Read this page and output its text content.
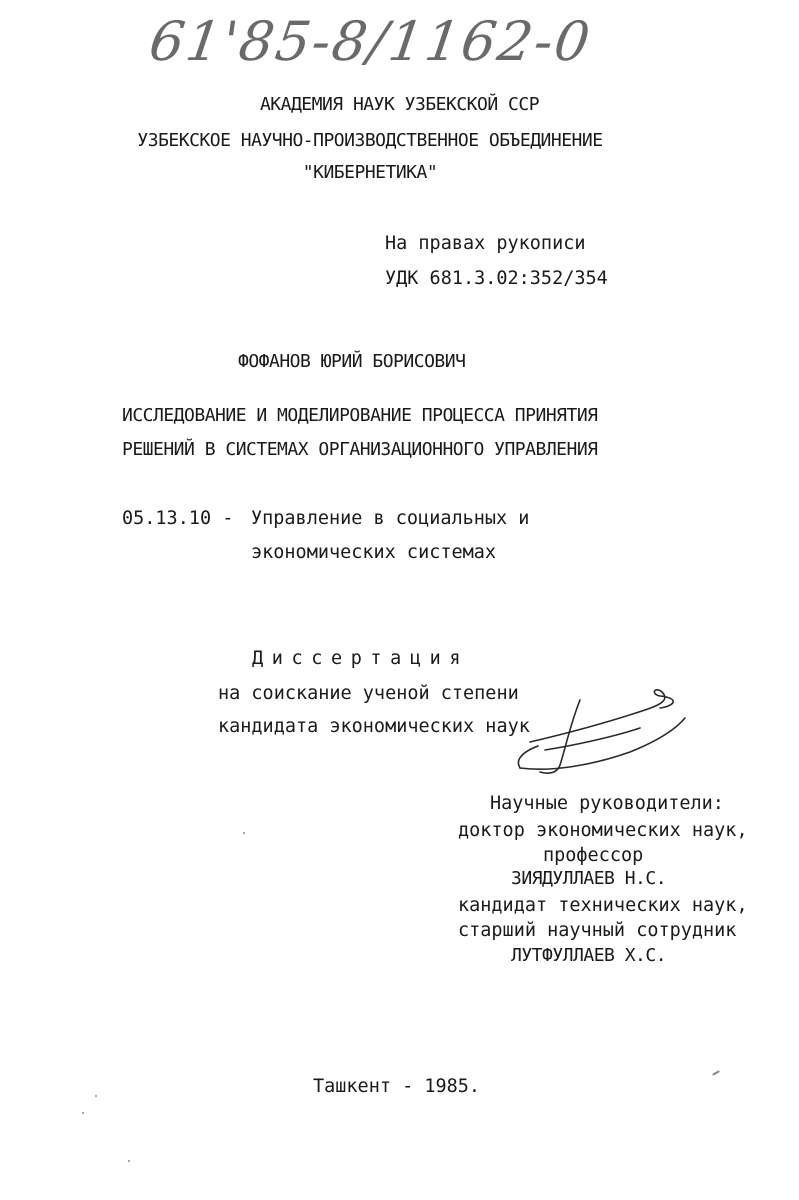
61'85-8/1162-0
АКАДЕМИЯ НАУК УЗБЕКСКОЙ ССР
УЗБЕКСКОЕ НАУЧНО-ПРОИЗВОДСТВЕННОЕ ОБЪЕДИНЕНИЕ
"КИБЕРНЕТИКА"
На правах рукописи
УДК 681.3.02:352/354
ФОФАНОВ ЮРИЙ БОРИСОВИЧ
ИССЛЕДОВАНИЕ И МОДЕЛИРОВАНИЕ ПРОЦЕССА ПРИНЯТИЯ
РЕШЕНИЙ В СИСТЕМАХ ОРГАНИЗАЦИОННОГО УПРАВЛЕНИЯ
05.13.10 - Управление в социальных и
экономических системах
Диссертация
на соискание ученой степени
кандидата экономических наук
Научные руководители:
доктор экономических наук,
профессор
ЗИЯДУЛЛАЕВ Н.С.
кандидат технических наук,
старший научный сотрудник
ЛУТФУЛЛАЕВ Х.С.
Ташкент - 1985.
